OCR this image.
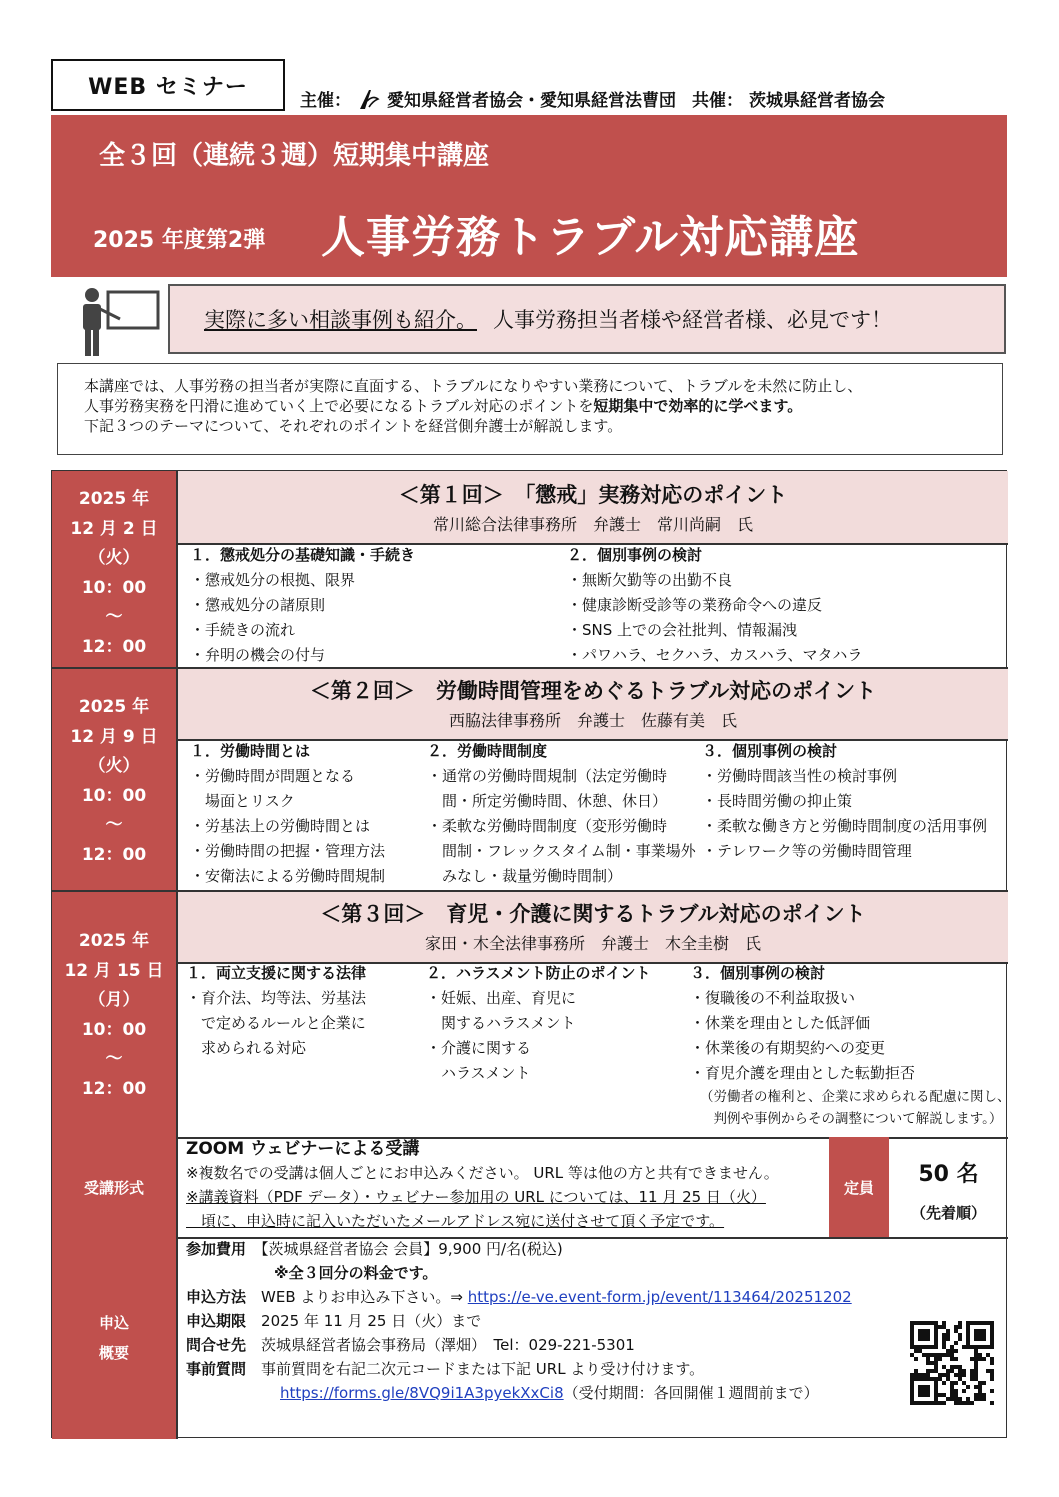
WEB セミナー
主催： 愛知県経営者協会・愛知県経営法曹団 共催： 茨城県経営者協会
全３回（連続３週）短期集中講座
2025 年度第2弾 人事労務トラブル対応講座
実際に多い相談事例も紹介。 人事労務担当者様や経営者様、必見です！
本講座では、人事労務の担当者が実際に直面する、トラブルになりやすい業務について、トラブルを未然に防止し、
人事労務実務を円滑に進めていく上で必要になるトラブル対応のポイントを短期集中で効率的に学べます。
下記３つのテーマについて、それぞれのポイントを経営側弁護士が解説します。
2025 年
12 月 2 日
（火）
10：00
～
12：00
＜第１回＞　「懲戒」実務対応のポイント
常川総合法律事務所　弁護士　常川尚嗣　氏
１．懲戒処分の基礎知識・手続き
・懲戒処分の根拠、限界
・懲戒処分の諸原則
・手続きの流れ
・弁明の機会の付与
２．個別事例の検討
・無断欠勤等の出勤不良
・健康診断受診等の業務命令への違反
・SNS 上での会社批判、情報漏洩
・パワハラ、セクハラ、カスハラ、マタハラ
2025 年
12 月 9 日
（火）
10：00
～
12：00
＜第２回＞　労働時間管理をめぐるトラブル対応のポイント
西脇法律事務所　弁護士　佐藤有美　氏
１．労働時間とは
・労働時間が問題となる
　場面とリスク
・労基法上の労働時間とは
・労働時間の把握・管理方法
・安衛法による労働時間規制
２．労働時間制度
・通常の労働時間規制（法定労働時
　間・所定労働時間、休憩、休日）
・柔軟な労働時間制度（変形労働時
　間制・フレックスタイム制・事業場外
　みなし・裁量労働時間制）
３．個別事例の検討
・労働時間該当性の検討事例
・長時間労働の抑止策
・柔軟な働き方と労働時間制度の活用事例
・テレワーク等の労働時間管理
2025 年
12 月 15 日
（月）
10：00
～
12：00
＜第３回＞　育児・介護に関するトラブル対応のポイント
家田・木全法律事務所　弁護士　木全圭樹　氏
１．両立支援に関する法律
・育介法、均等法、労基法
　で定めるルールと企業に
　求められる対応
２．ハラスメント防止のポイント
・妊娠、出産、育児に
　関するハラスメント
・介護に関する
　ハラスメント
３．個別事例の検討
・復職後の不利益取扱い
・休業を理由とした低評価
・休業後の有期契約への変更
・育児介護を理由とした転勤拒否
（労働者の権利と、企業に求められる配慮に関し、
　判例や事例からその調整について解説します。）
受講形式
ZOOM ウェビナーによる受講
※複数名での受講は個人ごとにお申込みください。 URL 等は他の方と共有できません。
※講義資料（PDF データ）・ウェビナー参加用の URL については、11 月 25 日（火）
　頃に、申込時に記入いただいたメールアドレス宛に送付させて頂く予定です。
定員
50 名
（先着順）
申込
概要
参加費用　 【茨城県経営者協会 会員】9,900 円/名(税込)
※全３回分の料金です。
申込方法　 WEB よりお申込み下さい。⇒ https://e-ve.event-form.jp/event/113464/20251202
申込期限　 2025 年 11 月 25 日（火）まで
問合せ先　 茨城県経営者協会事務局（澤畑）　Tel：029-221-5301
事前質問　 事前質問を右記二次元コードまたは下記 URL より受け付けます。
https://forms.gle/8VQ9i1A3pyekXxCi8（受付期間：各回開催１週間前まで）
